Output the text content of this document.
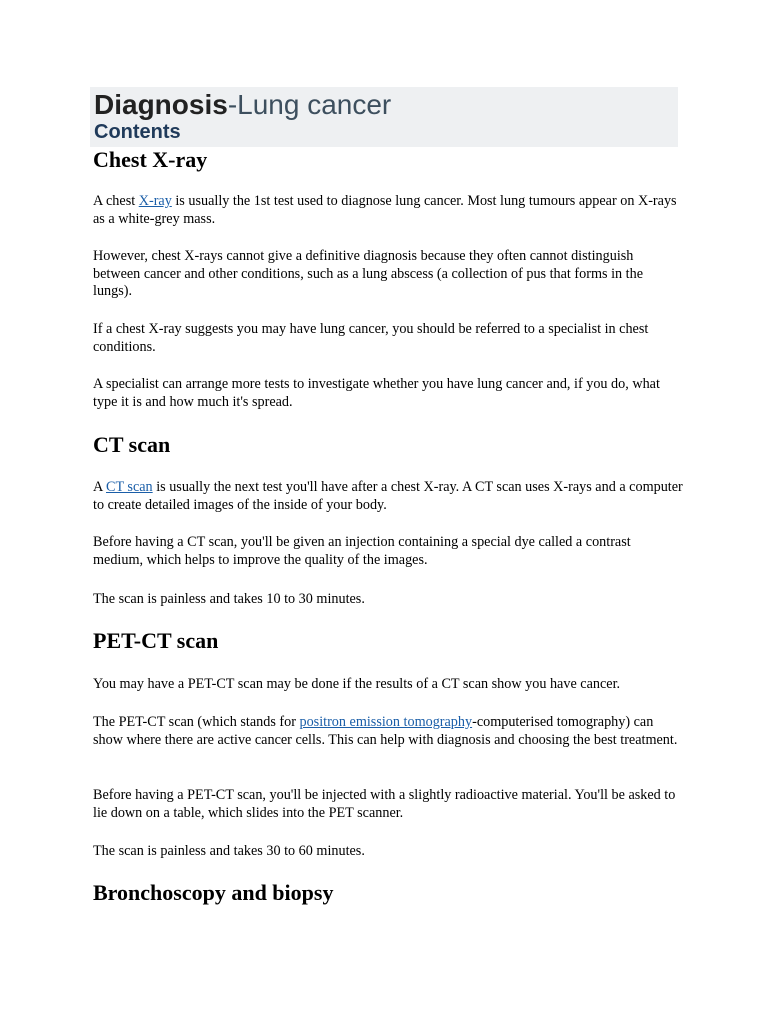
Diagnosis-Lung cancer
Contents
Chest X-ray

A chest X-ray is usually the 1st test used to diagnose lung cancer. Most lung tumours appear on X-rays as a white-grey mass.

However, chest X-rays cannot give a definitive diagnosis because they often cannot distinguish between cancer and other conditions, such as a lung abscess (a collection of pus that forms in the lungs).

If a chest X-ray suggests you may have lung cancer, you should be referred to a specialist in chest conditions.

A specialist can arrange more tests to investigate whether you have lung cancer and, if you do, what type it is and how much it's spread.

CT scan

A CT scan is usually the next test you'll have after a chest X-ray. A CT scan uses X-rays and a computer to create detailed images of the inside of your body.

Before having a CT scan, you'll be given an injection containing a special dye called a contrast medium, which helps to improve the quality of the images.

The scan is painless and takes 10 to 30 minutes.

PET-CT scan

You may have a PET-CT scan may be done if the results of a CT scan show you have cancer.

The PET-CT scan (which stands for positron emission tomography-computerised tomography) can show where there are active cancer cells. This can help with diagnosis and choosing the best treatment.

Before having a PET-CT scan, you'll be injected with a slightly radioactive material. You'll be asked to lie down on a table, which slides into the PET scanner.

The scan is painless and takes 30 to 60 minutes.

Bronchoscopy and biopsy
